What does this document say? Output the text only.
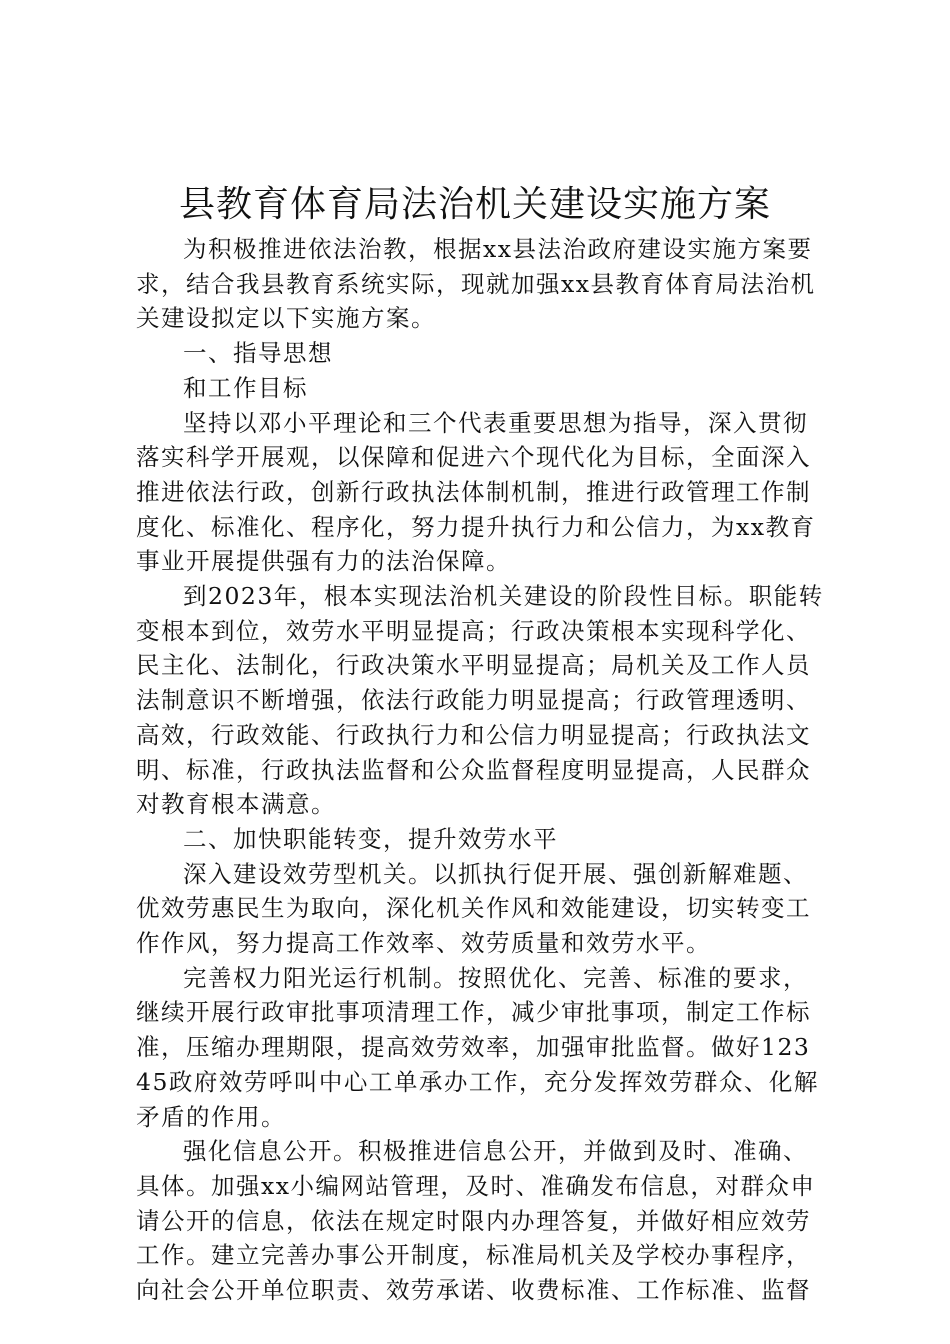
县教育体育局法治机关建设实施方案

为积极推进依法治教，根据xx县法治政府建设实施方案要求，结合我县教育系统实际，现就加强xx县教育体育局法治机关建设拟定以下实施方案。

一、指导思想

和工作目标

坚持以邓小平理论和三个代表重要思想为指导，深入贯彻落实科学开展观，以保障和促进六个现代化为目标，全面深入推进依法行政，创新行政执法体制机制，推进行政管理工作制度化、标准化、程序化，努力提升执行力和公信力，为xx教育事业开展提供强有力的法治保障。

到2023年，根本实现法治机关建设的阶段性目标。职能转变根本到位，效劳水平明显提高；行政决策根本实现科学化、民主化、法制化，行政决策水平明显提高；局机关及工作人员法制意识不断增强，依法行政能力明显提高；行政管理透明、高效，行政效能、行政执行力和公信力明显提高；行政执法文明、标准，行政执法监督和公众监督程度明显提高，人民群众对教育根本满意。

二、加快职能转变，提升效劳水平

深入建设效劳型机关。以抓执行促开展、强创新解难题、优效劳惠民生为取向，深化机关作风和效能建设，切实转变工作作风，努力提高工作效率、效劳质量和效劳水平。

完善权力阳光运行机制。按照优化、完善、标准的要求，继续开展行政审批事项清理工作，减少审批事项，制定工作标准，压缩办理期限，提高效劳效率，加强审批监督。做好12345政府效劳呼叫中心工单承办工作，充分发挥效劳群众、化解矛盾的作用。

强化信息公开。积极推进信息公开，并做到及时、准确、具体。加强xx小编网站管理，及时、准确发布信息，对群众申请公开的信息，依法在规定时限内办理答复，并做好相应效劳工作。建立完善办事公开制度，标准局机关及学校办事程序，向社会公开单位职责、效劳承诺、收费标准、工作标准、监督
